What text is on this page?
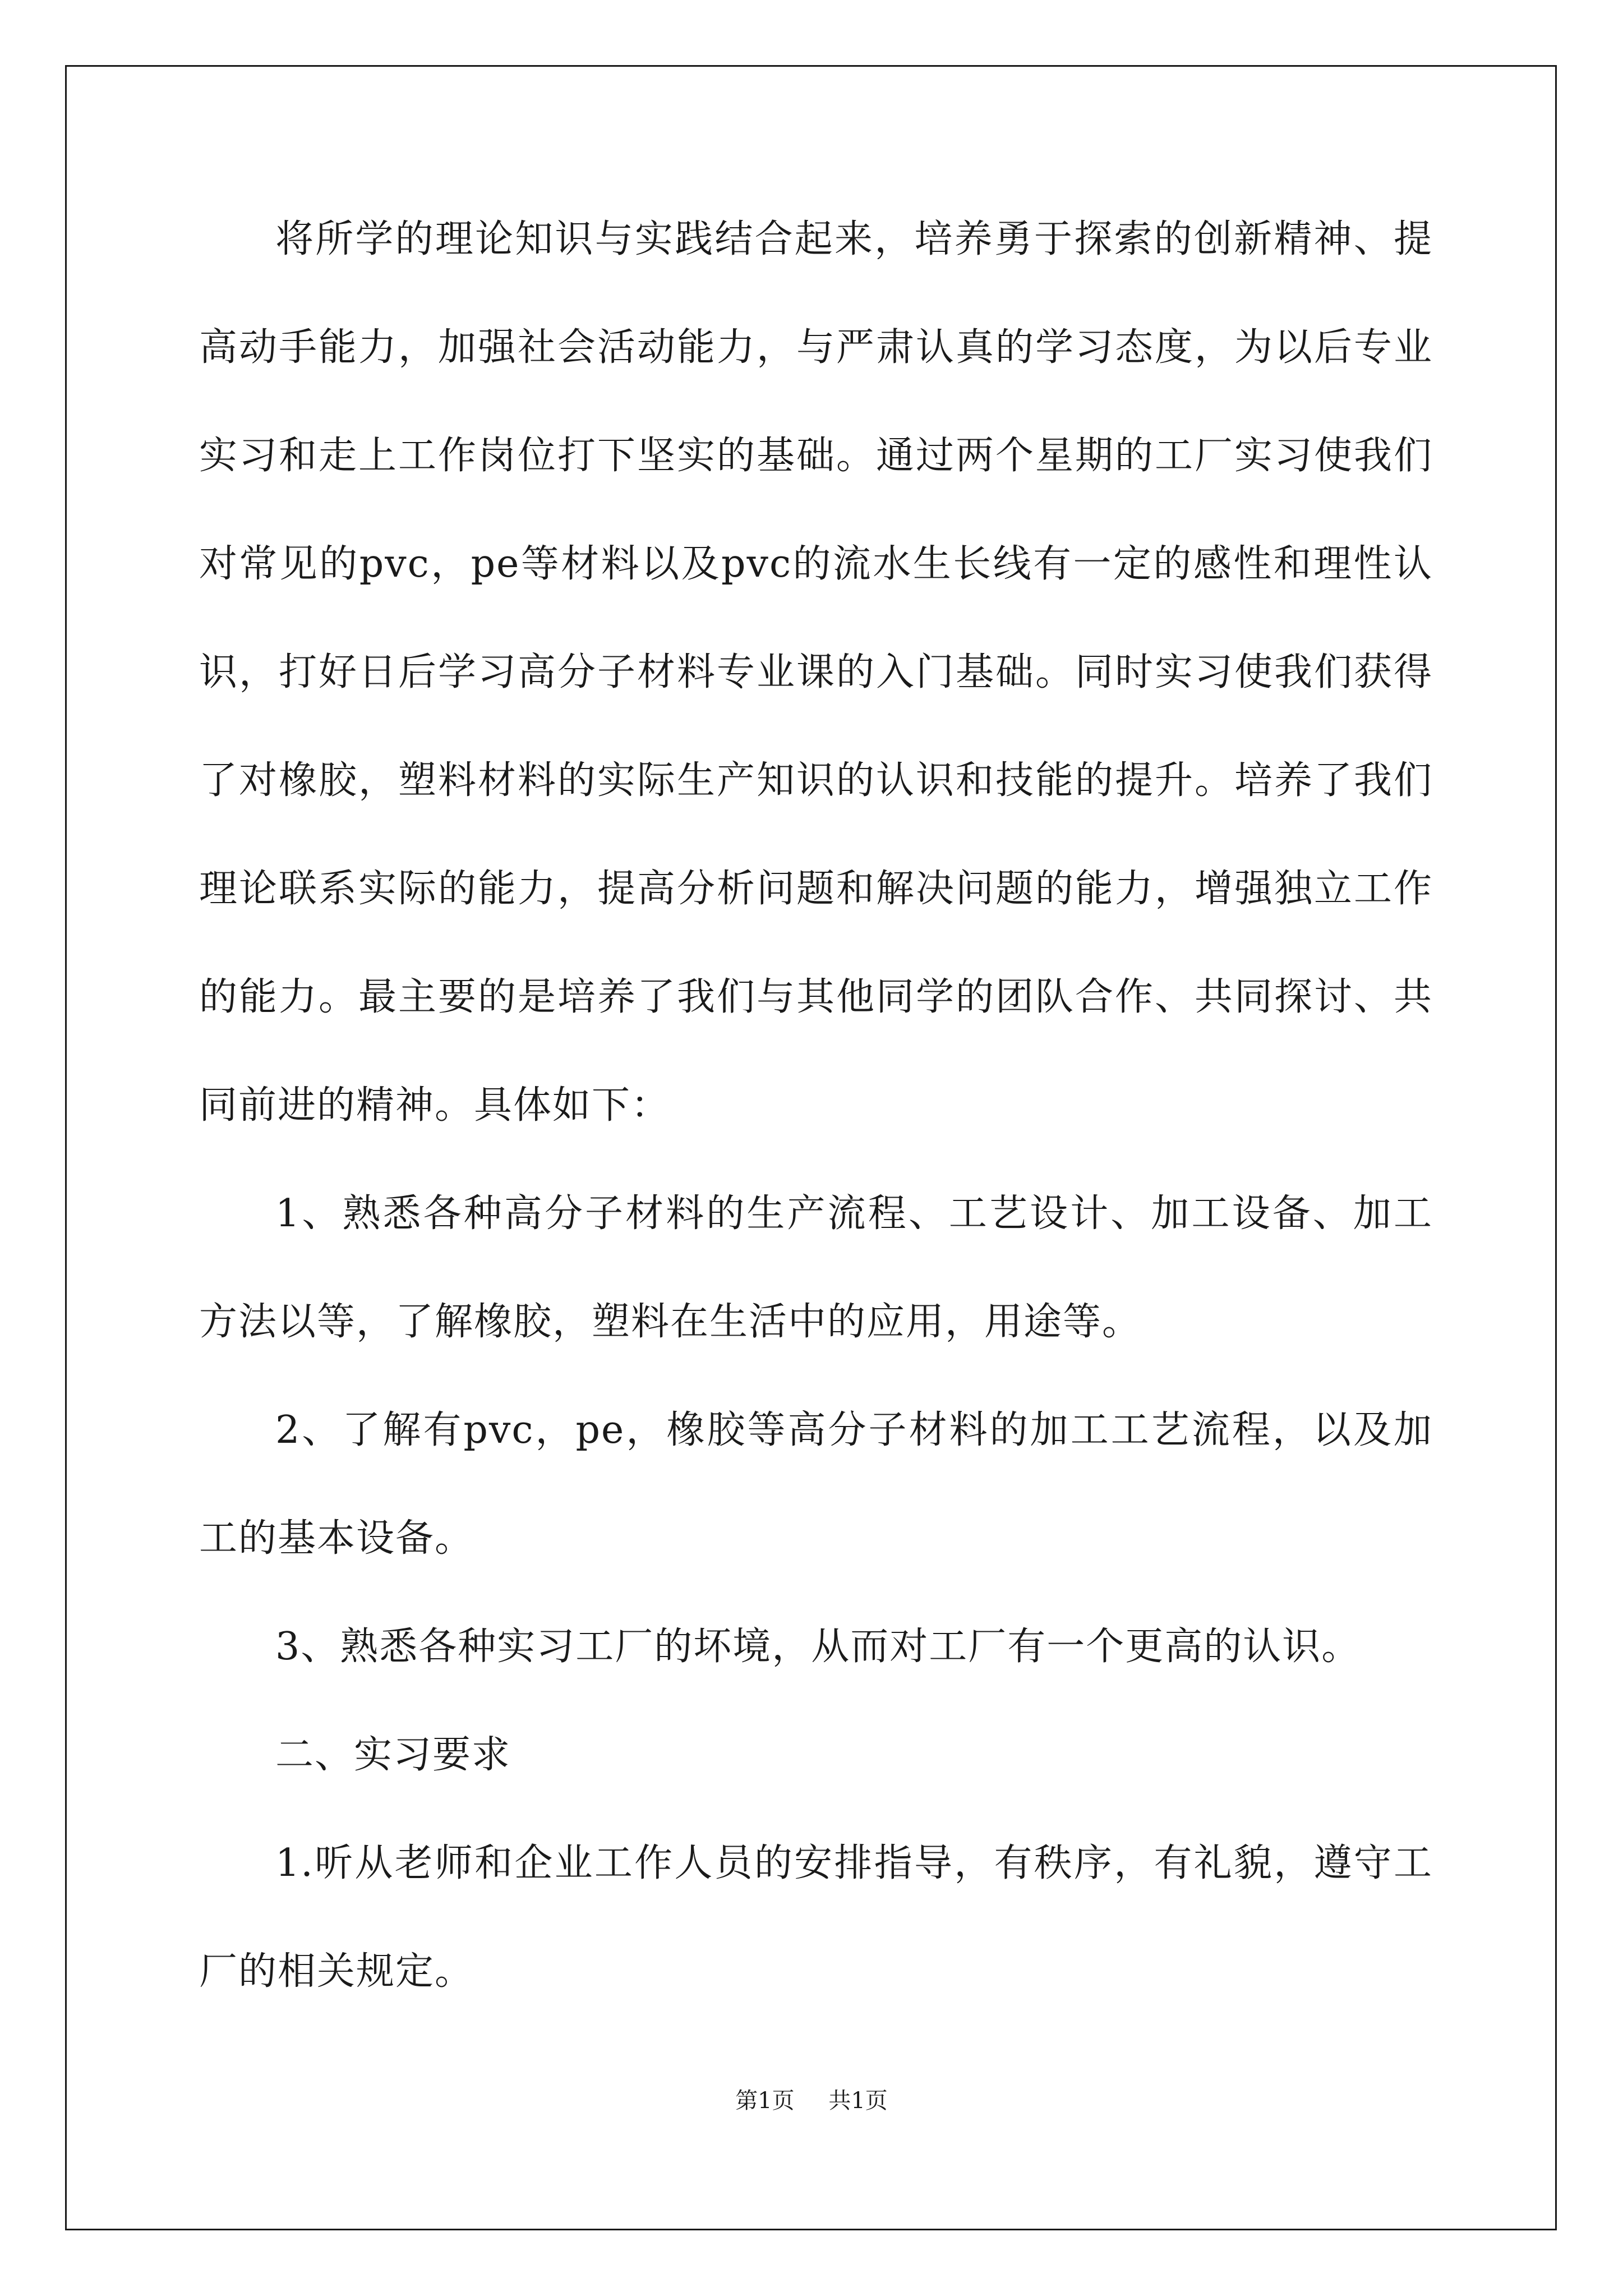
将所学的理论知识与实践结合起来，培养勇于探索的创新精神、提高动手能力，加强社会活动能力，与严肃认真的学习态度，为以后专业实习和走上工作岗位打下坚实的基础。通过两个星期的工厂实习使我们对常见的pvc，pe等材料以及pvc的流水生长线有一定的感性和理性认识，打好日后学习高分子材料专业课的入门基础。同时实习使我们获得了对橡胶，塑料材料的实际生产知识的认识和技能的提升。培养了我们理论联系实际的能力，提高分析问题和解决问题的能力，增强独立工作的能力。最主要的是培养了我们与其他同学的团队合作、共同探讨、共同前进的精神。具体如下：

1、熟悉各种高分子材料的生产流程、工艺设计、加工设备、加工方法以等，了解橡胶，塑料在生活中的应用，用途等。

2、了解有pvc，pe，橡胶等高分子材料的加工工艺流程，以及加工的基本设备。

3、熟悉各种实习工厂的坏境，从而对工厂有一个更高的认识。

二、实习要求

1.听从老师和企业工作人员的安排指导，有秩序，有礼貌，遵守工厂的相关规定。

第1页 共1页
